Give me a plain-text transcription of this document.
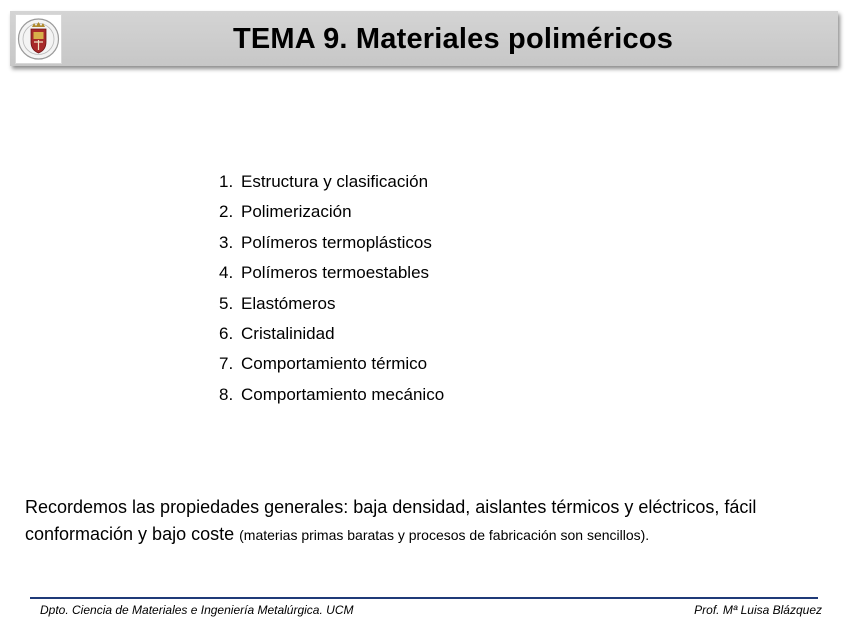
TEMA 9. Materiales poliméricos
1. Estructura y clasificación
2. Polimerización
3. Polímeros termoplásticos
4. Polímeros termoestables
5. Elastómeros
6. Cristalinidad
7. Comportamiento térmico
8. Comportamiento mecánico
Recordemos las propiedades generales: baja densidad, aislantes térmicos y eléctricos, fácil
conformación y bajo coste (materias primas baratas y procesos de fabricación son sencillos).
Dpto. Ciencia de Materiales e Ingeniería Metalúrgica. UCM	Prof. Mª Luisa Blázquez
